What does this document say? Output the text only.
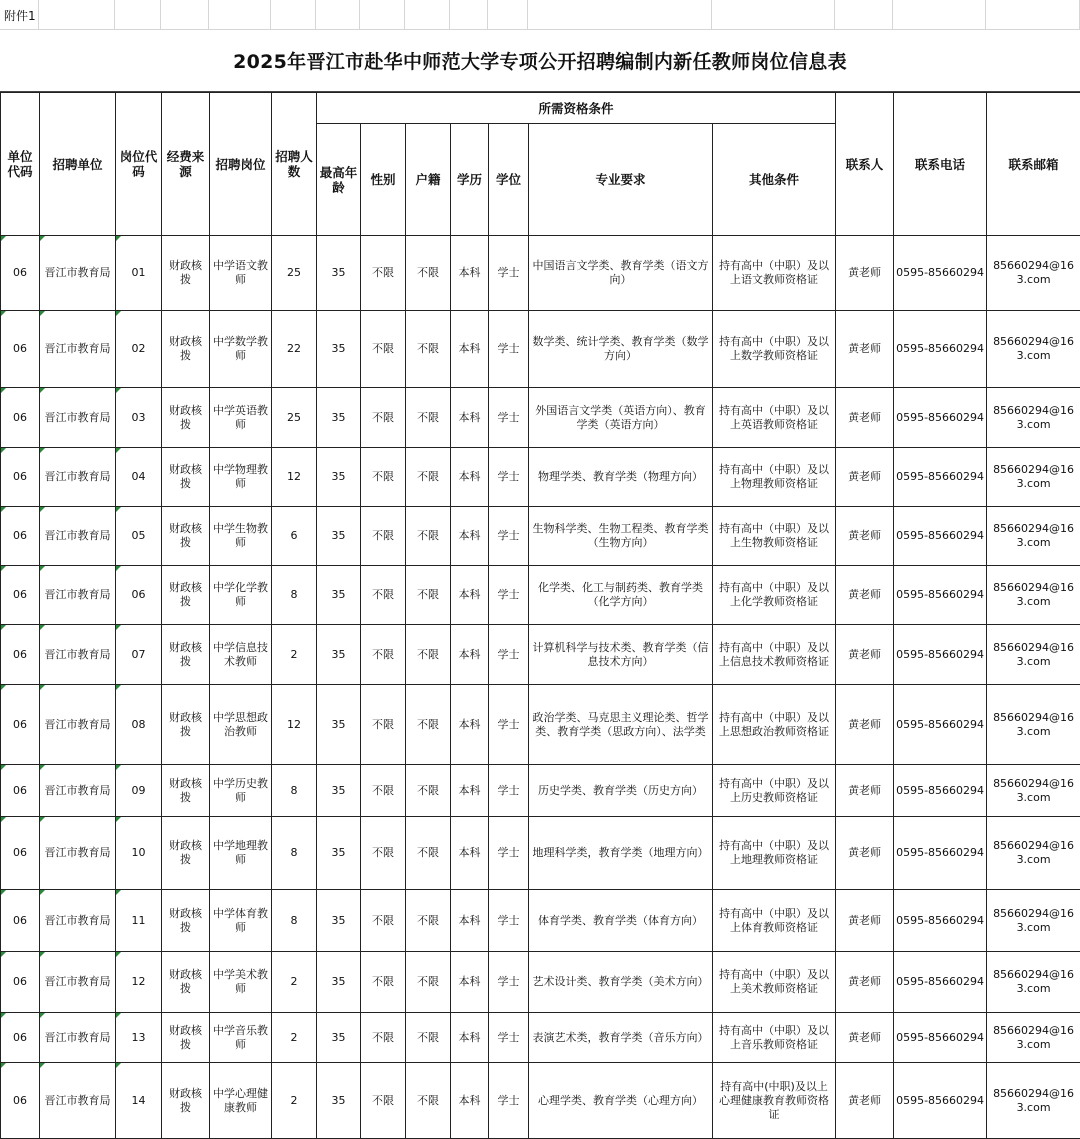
附件1
2025年晋江市赴华中师范大学专项公开招聘编制内新任教师岗位信息表
单位代码	招聘单位	岗位代码	经费来源	招聘岗位	招聘人数	所需资格条件							联系人	联系电话	联系邮箱
						最高年龄	性别	户籍	学历	学位	专业要求	其他条件			
06	晋江市教育局	01	财政核拨	中学语文教师	25	35	不限	不限	本科	学士	中国语言文学类、教育学类（语文方向）	持有高中（中职）及以上语文教师资格证	黄老师	0595-85660294	85660294@163.com
06	晋江市教育局	02	财政核拨	中学数学教师	22	35	不限	不限	本科	学士	数学类、统计学类、教育学类（数学方向）	持有高中（中职）及以上数学教师资格证	黄老师	0595-85660294	85660294@163.com
06	晋江市教育局	03	财政核拨	中学英语教师	25	35	不限	不限	本科	学士	外国语言文学类（英语方向）、教育学类（英语方向）	持有高中（中职）及以上英语教师资格证	黄老师	0595-85660294	85660294@163.com
06	晋江市教育局	04	财政核拨	中学物理教师	12	35	不限	不限	本科	学士	物理学类、教育学类（物理方向）	持有高中（中职）及以上物理教师资格证	黄老师	0595-85660294	85660294@163.com
06	晋江市教育局	05	财政核拨	中学生物教师	6	35	不限	不限	本科	学士	生物科学类、生物工程类、教育学类（生物方向）	持有高中（中职）及以上生物教师资格证	黄老师	0595-85660294	85660294@163.com
06	晋江市教育局	06	财政核拨	中学化学教师	8	35	不限	不限	本科	学士	化学类、化工与制药类、教育学类（化学方向）	持有高中（中职）及以上化学教师资格证	黄老师	0595-85660294	85660294@163.com
06	晋江市教育局	07	财政核拨	中学信息技术教师	2	35	不限	不限	本科	学士	计算机科学与技术类、教育学类（信息技术方向）	持有高中（中职）及以上信息技术教师资格证	黄老师	0595-85660294	85660294@163.com
06	晋江市教育局	08	财政核拨	中学思想政治教师	12	35	不限	不限	本科	学士	政治学类、马克思主义理论类、哲学类、教育学类（思政方向）、法学类	持有高中（中职）及以上思想政治教师资格证	黄老师	0595-85660294	85660294@163.com
06	晋江市教育局	09	财政核拨	中学历史教师	8	35	不限	不限	本科	学士	历史学类、教育学类（历史方向）	持有高中（中职）及以上历史教师资格证	黄老师	0595-85660294	85660294@163.com
06	晋江市教育局	10	财政核拨	中学地理教师	8	35	不限	不限	本科	学士	地理科学类，教育学类（地理方向）	持有高中（中职）及以上地理教师资格证	黄老师	0595-85660294	85660294@163.com
06	晋江市教育局	11	财政核拨	中学体育教师	8	35	不限	不限	本科	学士	体育学类、教育学类（体育方向）	持有高中（中职）及以上体育教师资格证	黄老师	0595-85660294	85660294@163.com
06	晋江市教育局	12	财政核拨	中学美术教师	2	35	不限	不限	本科	学士	艺术设计类、教育学类（美术方向）	持有高中（中职）及以上美术教师资格证	黄老师	0595-85660294	85660294@163.com
06	晋江市教育局	13	财政核拨	中学音乐教师	2	35	不限	不限	本科	学士	表演艺术类，教育学类（音乐方向）	持有高中（中职）及以上音乐教师资格证	黄老师	0595-85660294	85660294@163.com
06	晋江市教育局	14	财政核拨	中学心理健康教师	2	35	不限	不限	本科	学士	心理学类、教育学类（心理方向）	持有高中(中职)及以上心理健康教育教师资格证	黄老师	0595-85660294	85660294@163.com
